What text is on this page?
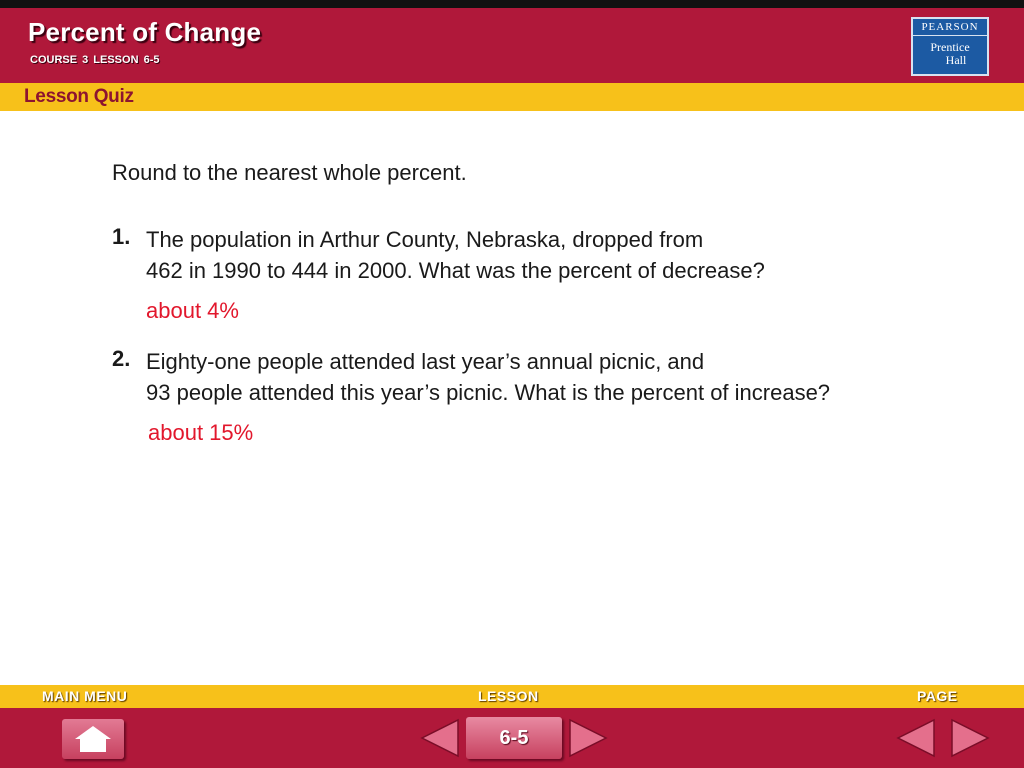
Percent of Change
COURSE 3 LESSON 6-5
PEARSON
Prentice
Hall
Lesson Quiz
Round to the nearest whole percent.
1. The population in Arthur County, Nebraska, dropped from
462 in 1990 to 444 in 2000. What was the percent of decrease?
about 4%
2. Eighty-one people attended last year’s annual picnic, and
93 people attended this year’s picnic. What is the percent of increase?
about 15%
MAIN MENU	LESSON	PAGE
6-5
